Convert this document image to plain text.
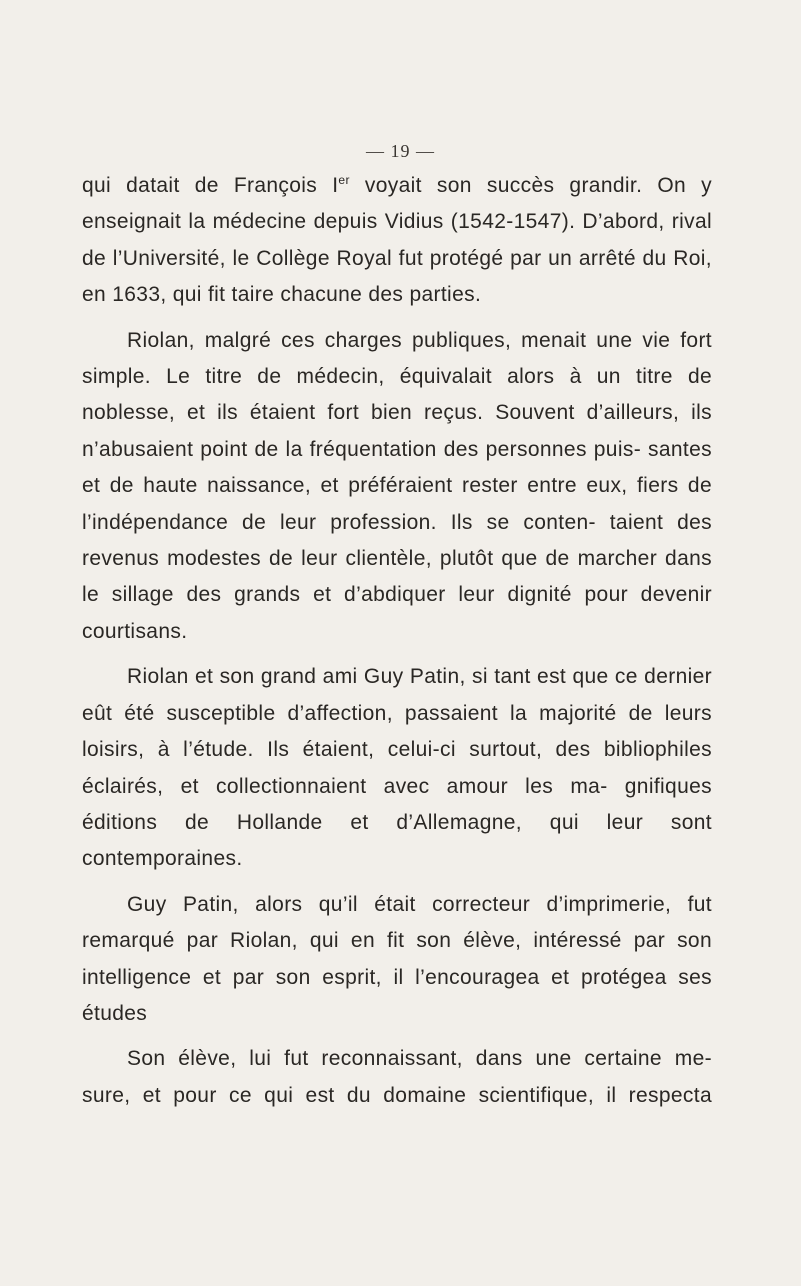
— 19 —

qui datait de François Ier voyait son succès grandir. On y enseignait la médecine depuis Vidius (1542-1547). D’abord, rival de l’Université, le Collège Royal fut protégé par un arrêté du Roi, en 1633, qui fit taire chacune des parties.

Riolan, malgré ces charges publiques, menait une vie fort simple. Le titre de médecin, équivalait alors à un titre de noblesse, et ils étaient fort bien reçus. Souvent d’ailleurs, ils n’abusaient point de la fréquentation des personnes puis- santes et de haute naissance, et préféraient rester entre eux, fiers de l’indépendance de leur profession. Ils se conten- taient des revenus modestes de leur clientèle, plutôt que de marcher dans le sillage des grands et d’abdiquer leur dignité pour devenir courtisans.

Riolan et son grand ami Guy Patin, si tant est que ce dernier eût été susceptible d’affection, passaient la majorité de leurs loisirs, à l’étude. Ils étaient, celui-ci surtout, des bibliophiles éclairés, et collectionnaient avec amour les ma- gnifiques éditions de Hollande et d’Allemagne, qui leur sont contemporaines.

Guy Patin, alors qu’il était correcteur d’imprimerie, fut remarqué par Riolan, qui en fit son élève, intéressé par son intelligence et par son esprit, il l’encouragea et protégea ses études

Son élève, lui fut reconnaissant, dans une certaine me- sure, et pour ce qui est du domaine scientifique, il respecta
